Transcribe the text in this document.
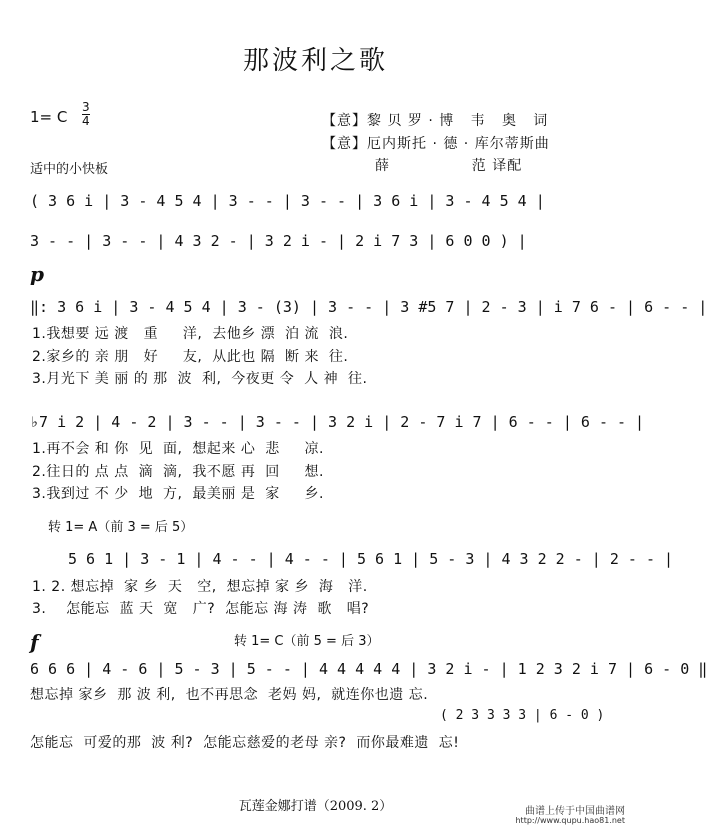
那波利之歌
1= C
3
4	【意】黎 贝 罗 · 博   韦   奥   词
【意】厄内斯托 · 德 · 库尔蒂斯曲
薛               范 译配
适中的小快板
( 3 6 i | 3 - 4 5 4 | 3 - - | 3 - - | 3 6 i | 3 - 4 5 4 |
3 - - | 3 - - | 4 3 2 - | 3 2 i - | 2 i 7 3 | 6 0 0 ) |
p
‖: 3 6 i | 3 - 4 5 4 | 3 - (3) | 3 - - | 3 #5 7 | 2 - 3 | i 7 6 - | 6 - - |
1.我想要 远 渡   重     洋,  去他乡 漂  泊 流  浪.
2.家乡的 亲 朋   好     友,  从此也 隔  断 来  往.
3.月光下 美 丽 的 那  波  利,  今夜更 令  人 神  往.
♭7 i 2 | 4 - 2 | 3 - - | 3 - - | 3 2 i | 2 - 7 i 7 | 6 - - | 6 - - |
1.再不会 和 你  见  面,  想起来 心  悲     凉.
2.往日的 点 点  滴  滴,  我不愿 再  回     想.
3.我到过 不 少  地  方,  最美丽 是  家     乡.
转 1= A（前 3 = 后 5）
5 6 1 | 3 - 1 | 4 - - | 4 - - | 5 6 1 | 5 - 3 | 4 3 2 2 - | 2 - - |
1. 2. 想忘掉  家 乡  天   空,  想忘掉 家 乡  海   洋.
3.    怎能忘  蓝 天  宽   广?  怎能忘 海 涛  歌   唱?
f	转 1= C（前 5 = 后 3）
6 6 6 | 4 - 6 | 5 - 3 | 5 - - | 4 4 4 4 4 | 3 2 i - | 1 2 3 2 i 7 | 6 - 0 ‖
想忘掉 家乡  那 波 利,  也不再思念  老妈 妈,  就连你也遗 忘.
( 2 3 3 3 3 | 6 - 0 )
怎能忘  可爱的那  波 利?  怎能忘慈爱的老母 亲?  而你最难遗  忘!
瓦莲金娜打谱（2009. 2）	曲谱上传于中国曲谱网
http://www.qupu.hao81.net
